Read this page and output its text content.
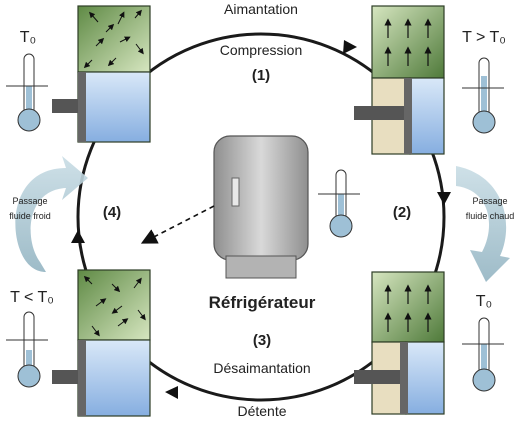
Aimantation
Compression
(1)
(2)
(4)
Réfrigérateur
(3)
Désaimantation
Détente
Passage
fluide froid
Passage
fluide chaud
T₀	T > T₀
T < T₀	T₀
